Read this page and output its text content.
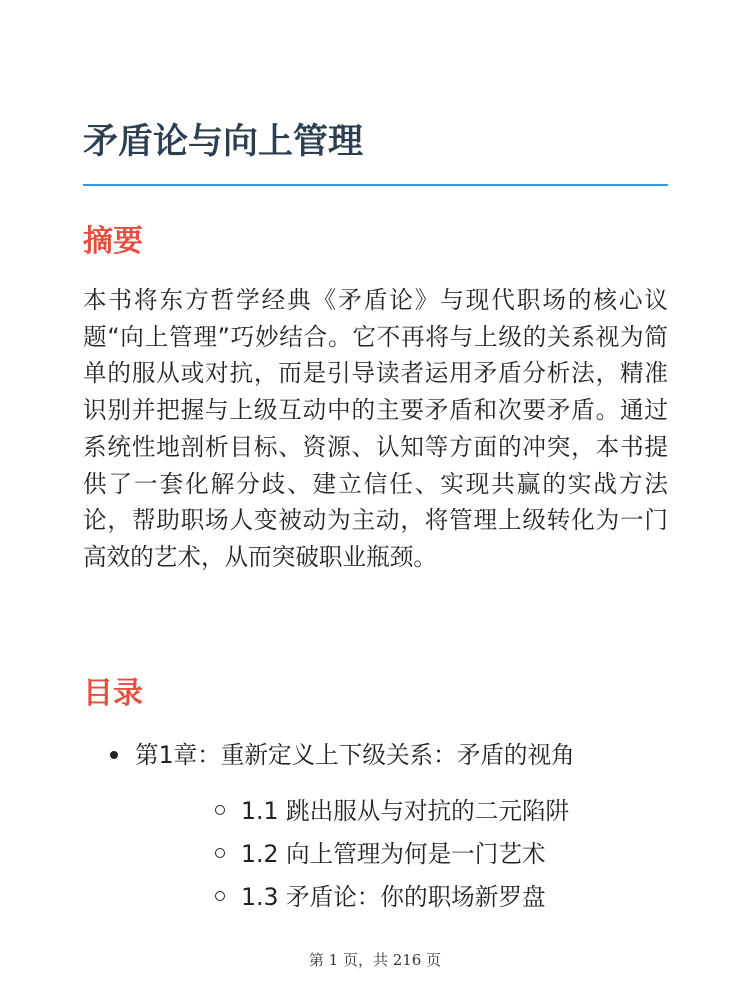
矛盾论与向上管理
摘要

本书将东方哲学经典《矛盾论》与现代职场的核心议题“向上管理”巧妙结合。它不再将与上级的关系视为简单的服从或对抗，而是引导读者运用矛盾分析法，精准识别并把握与上级互动中的主要矛盾和次要矛盾。通过系统性地剖析目标、资源、认知等方面的冲突，本书提供了一套化解分歧、建立信任、实现共赢的实战方法论，帮助职场人变被动为主动，将管理上级转化为一门高效的艺术，从而突破职业瓶颈。

目录
第1章：重新定义上下级关系：矛盾的视角
1.1 跳出服从与对抗的二元陷阱
1.2 向上管理为何是一门艺术
1.3 矛盾论：你的职场新罗盘
第 1 页，共 216 页
